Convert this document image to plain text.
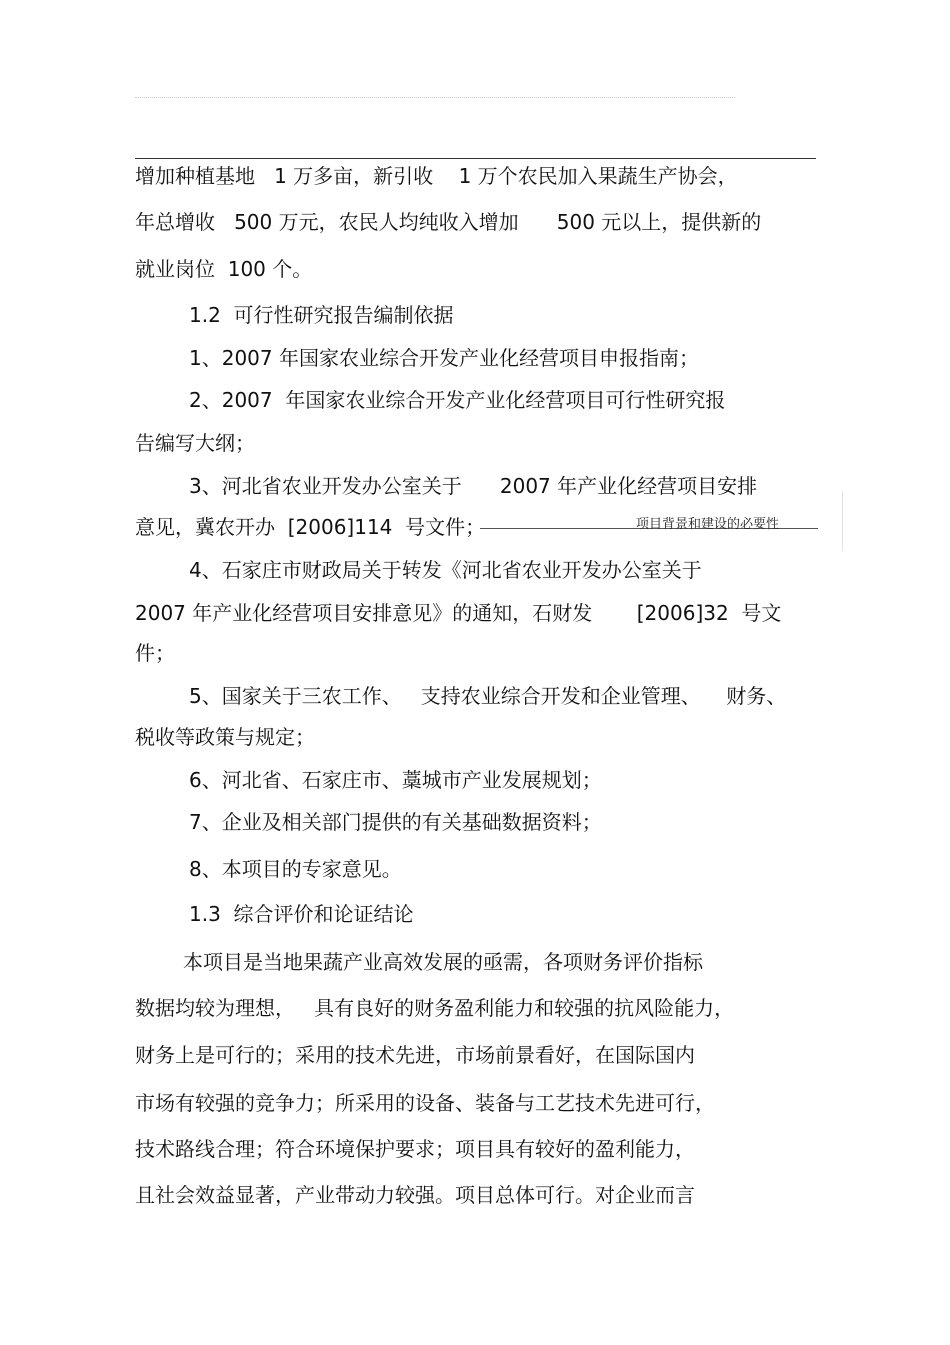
项目背景和建设的必要性
增加种植基地   1 万多亩，新引收    1 万个农民加入果蔬生产协会，
年总增收   500 万元，农民人均纯收入增加      500 元以上，提供新的
就业岗位  100 个。
1.2  可行性研究报告编制依据
1、2007 年国家农业综合开发产业化经营项目申报指南；
2、2007  年国家农业综合开发产业化经营项目可行性研究报
告编写大纲；
3、河北省农业开发办公室关于      2007 年产业化经营项目安排
意见，冀农开办  [2006]114  号文件；
4、石家庄市财政局关于转发《河北省农业开发办公室关于
2007 年产业化经营项目安排意见》的通知，石财发       [2006]32  号文
件；
5、国家关于三农工作、   支持农业综合开发和企业管理、    财务、
税收等政策与规定；
6、河北省、石家庄市、藁城市产业发展规划；
7、企业及相关部门提供的有关基础数据资料；
8、本项目的专家意见。
1.3  综合评价和论证结论
本项目是当地果蔬产业高效发展的亟需，各项财务评价指标
数据均较为理想，   具有良好的财务盈利能力和较强的抗风险能力，
财务上是可行的；采用的技术先进，市场前景看好，在国际国内
市场有较强的竞争力；所采用的设备、装备与工艺技术先进可行，
技术路线合理；符合环境保护要求；项目具有较好的盈利能力，
且社会效益显著，产业带动力较强。项目总体可行。对企业而言
